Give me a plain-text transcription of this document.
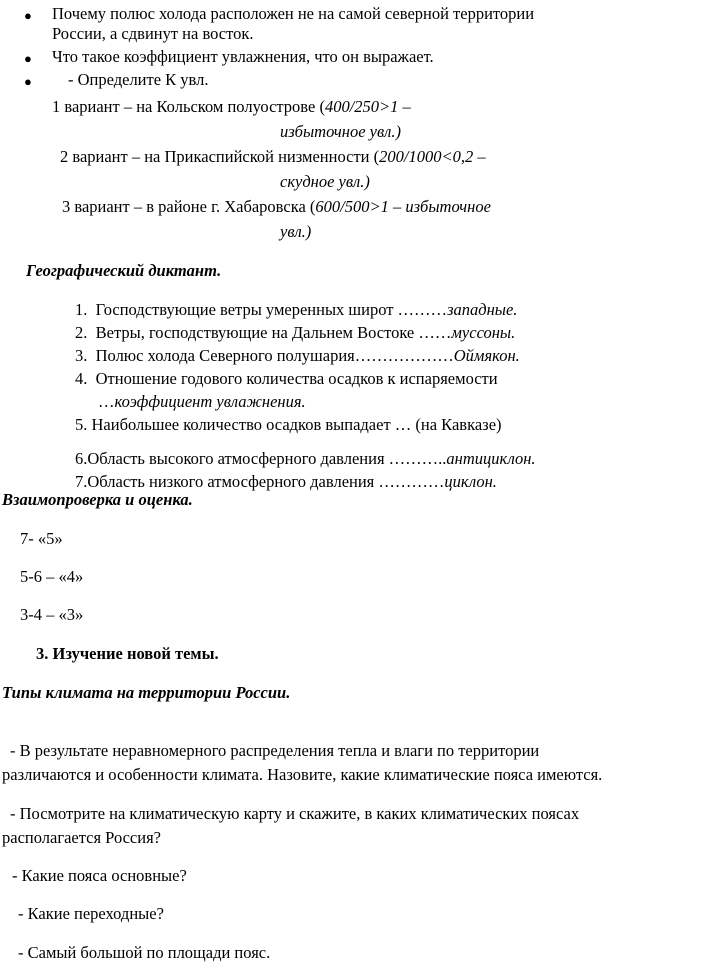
● Почему полюс холода расположен не на самой северной территории
России, а сдвинут на восток.
● Что такое коэффициент увлажнения, что он выражает.
● - Определите К увл.
1 вариант – на Кольском полуострове (400/250>1 –
избыточное увл.)
2 вариант – на Прикаспийской низменности (200/1000<0,2 –
скудное увл.)
3 вариант – в районе г. Хабаровска (600/500>1 – избыточное
увл.)
Географический диктант.
1. Господствующие ветры умеренных широт ………западные.
2. Ветры, господствующие на Дальнем Востоке ……муссоны.
3. Полюс холода Северного полушария………………Оймякон.
4. Отношение годового количества осадков к испаряемости
…коэффициент увлажнения.
5. Наибольшее количество осадков выпадает … (на Кавказе)
6.Область высокого атмосферного давления ………..антициклон.
7.Область низкого атмосферного давления …………циклон.
Взаимопроверка и оценка.
7- «5»
5-6 – «4»
3-4 – «3»
3. Изучение новой темы.
Типы климата на территории России.
- В результате неравномерного распределения тепла и влаги по территории
различаются и особенности климата. Назовите, какие климатические пояса имеются.
- Посмотрите на климатическую карту и скажите, в каких климатических поясах
располагается Россия?
- Какие пояса основные?
- Какие переходные?
- Самый большой по площади пояс.
